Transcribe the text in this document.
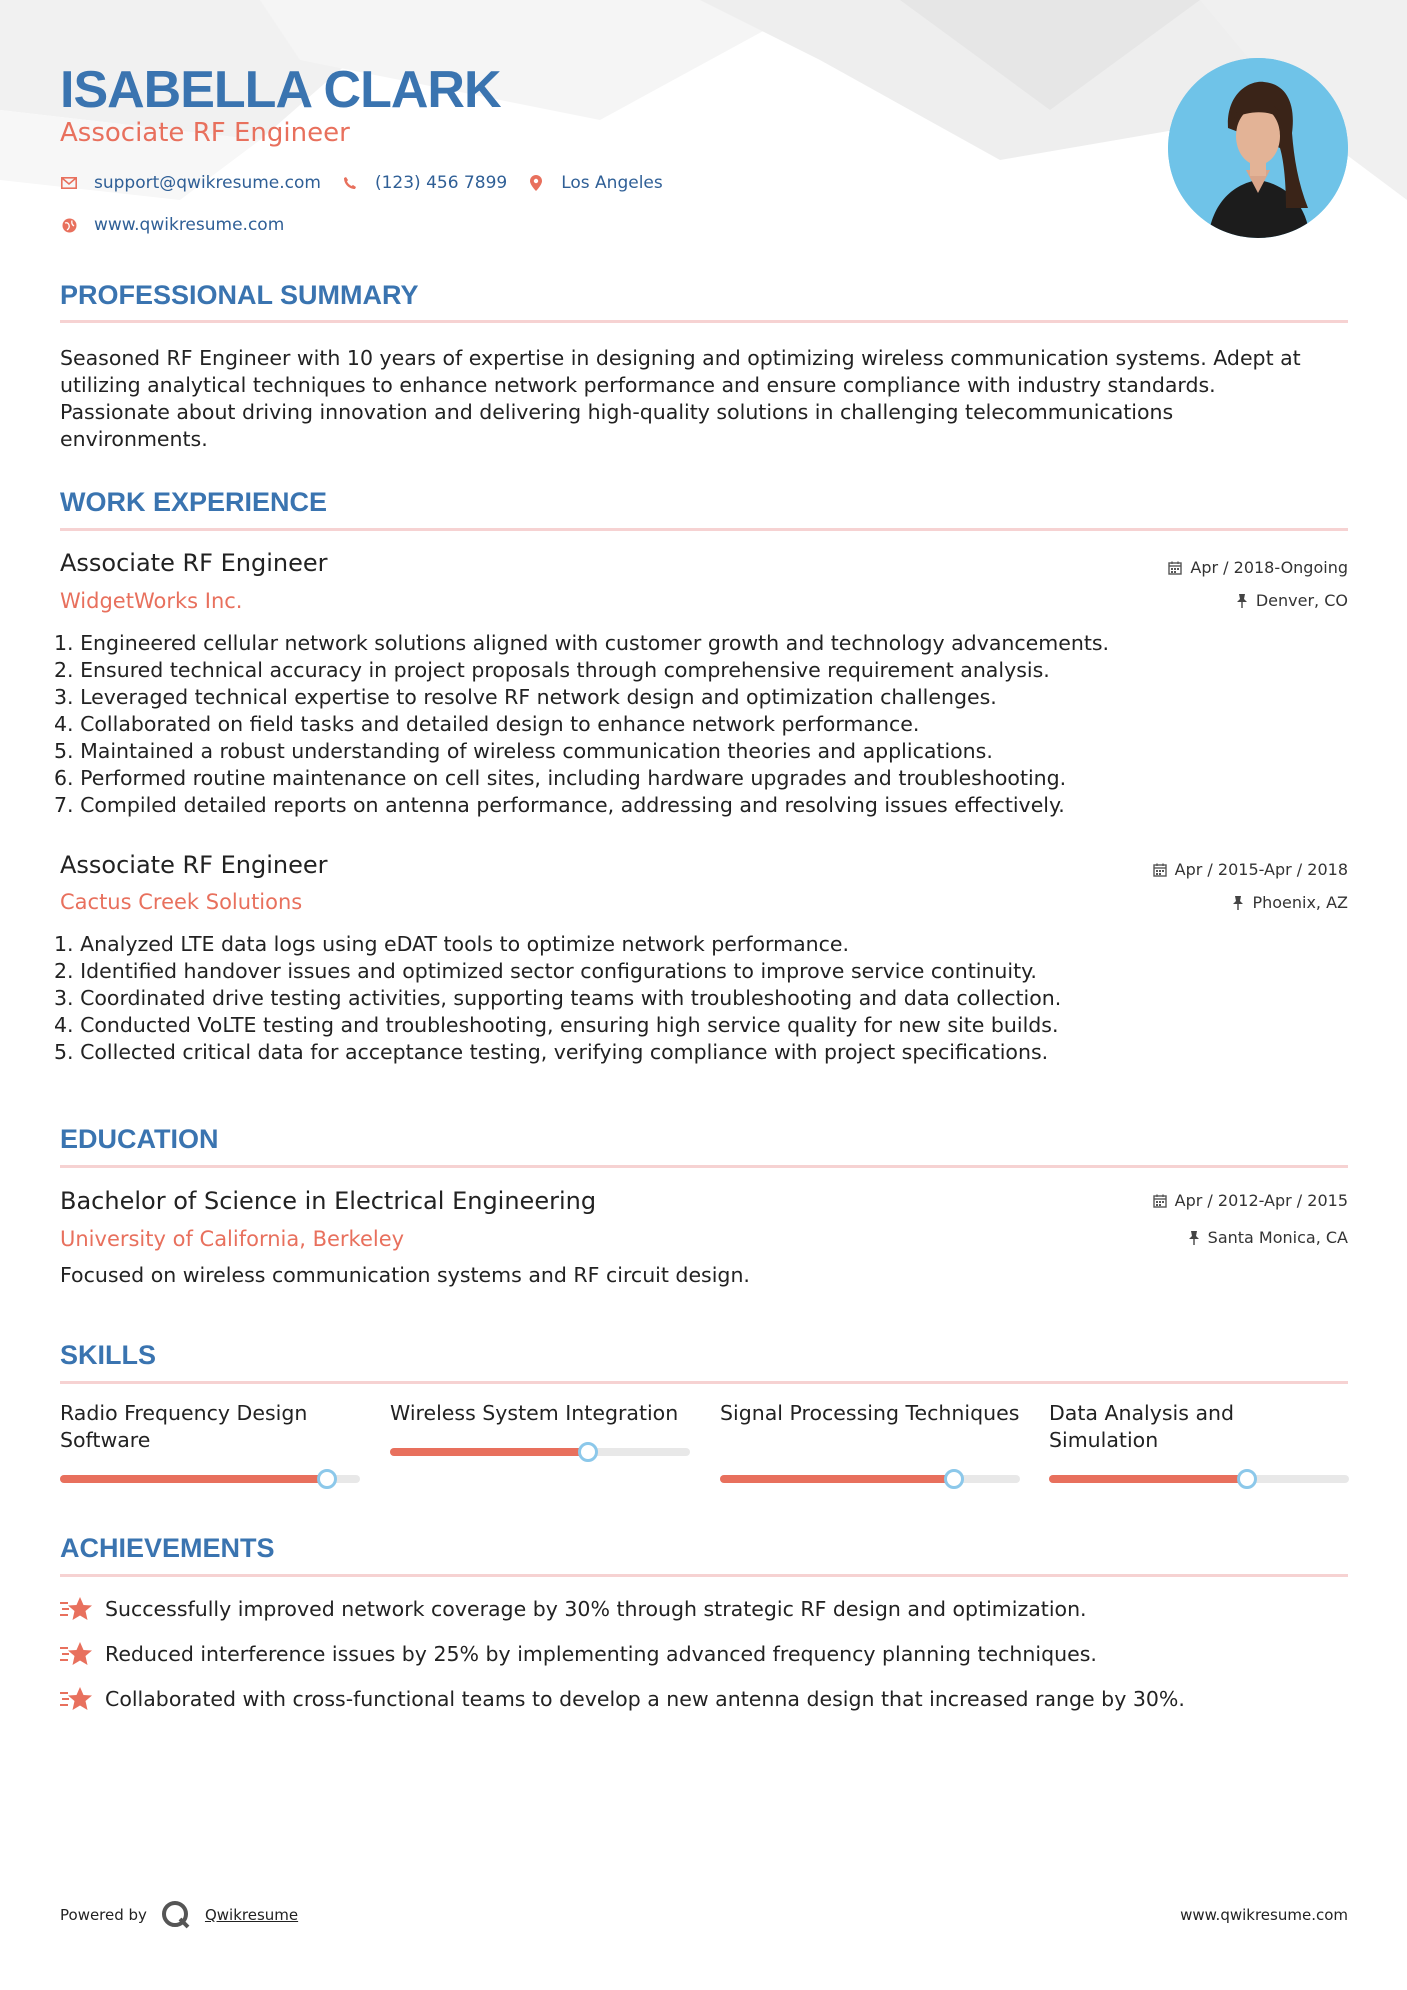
ISABELLA CLARK
Associate RF Engineer
support@qwikresume.com	(123) 456 7899	Los Angeles
www.qwikresume.com
PROFESSIONAL SUMMARY
Seasoned RF Engineer with 10 years of expertise in designing and optimizing wireless communication systems. Adept at
utilizing analytical techniques to enhance network performance and ensure compliance with industry standards.
Passionate about driving innovation and delivering high-quality solutions in challenging telecommunications
environments.
WORK EXPERIENCE
Associate RF Engineer
WidgetWorks Inc.
Apr / 2018-Ongoing
Denver, CO
1. Engineered cellular network solutions aligned with customer growth and technology advancements.
2. Ensured technical accuracy in project proposals through comprehensive requirement analysis.
3. Leveraged technical expertise to resolve RF network design and optimization challenges.
4. Collaborated on field tasks and detailed design to enhance network performance.
5. Maintained a robust understanding of wireless communication theories and applications.
6. Performed routine maintenance on cell sites, including hardware upgrades and troubleshooting.
7. Compiled detailed reports on antenna performance, addressing and resolving issues effectively.
Associate RF Engineer
Cactus Creek Solutions
Apr / 2015-Apr / 2018
Phoenix, AZ
1. Analyzed LTE data logs using eDAT tools to optimize network performance.
2. Identified handover issues and optimized sector configurations to improve service continuity.
3. Coordinated drive testing activities, supporting teams with troubleshooting and data collection.
4. Conducted VoLTE testing and troubleshooting, ensuring high service quality for new site builds.
5. Collected critical data for acceptance testing, verifying compliance with project specifications.
EDUCATION
Bachelor of Science in Electrical Engineering
University of California, Berkeley
Apr / 2012-Apr / 2015
Santa Monica, CA
Focused on wireless communication systems and RF circuit design.
SKILLS
Radio Frequency Design Software
Wireless System Integration	Signal Processing Techniques Data Analysis and Simulation
ACHIEVEMENTS
Successfully improved network coverage by 30% through strategic RF design and optimization.
Reduced interference issues by 25% by implementing advanced frequency planning techniques.
Collaborated with cross-functional teams to develop a new antenna design that increased range by 30%.
Powered by	Qwikresume	www.qwikresume.com
